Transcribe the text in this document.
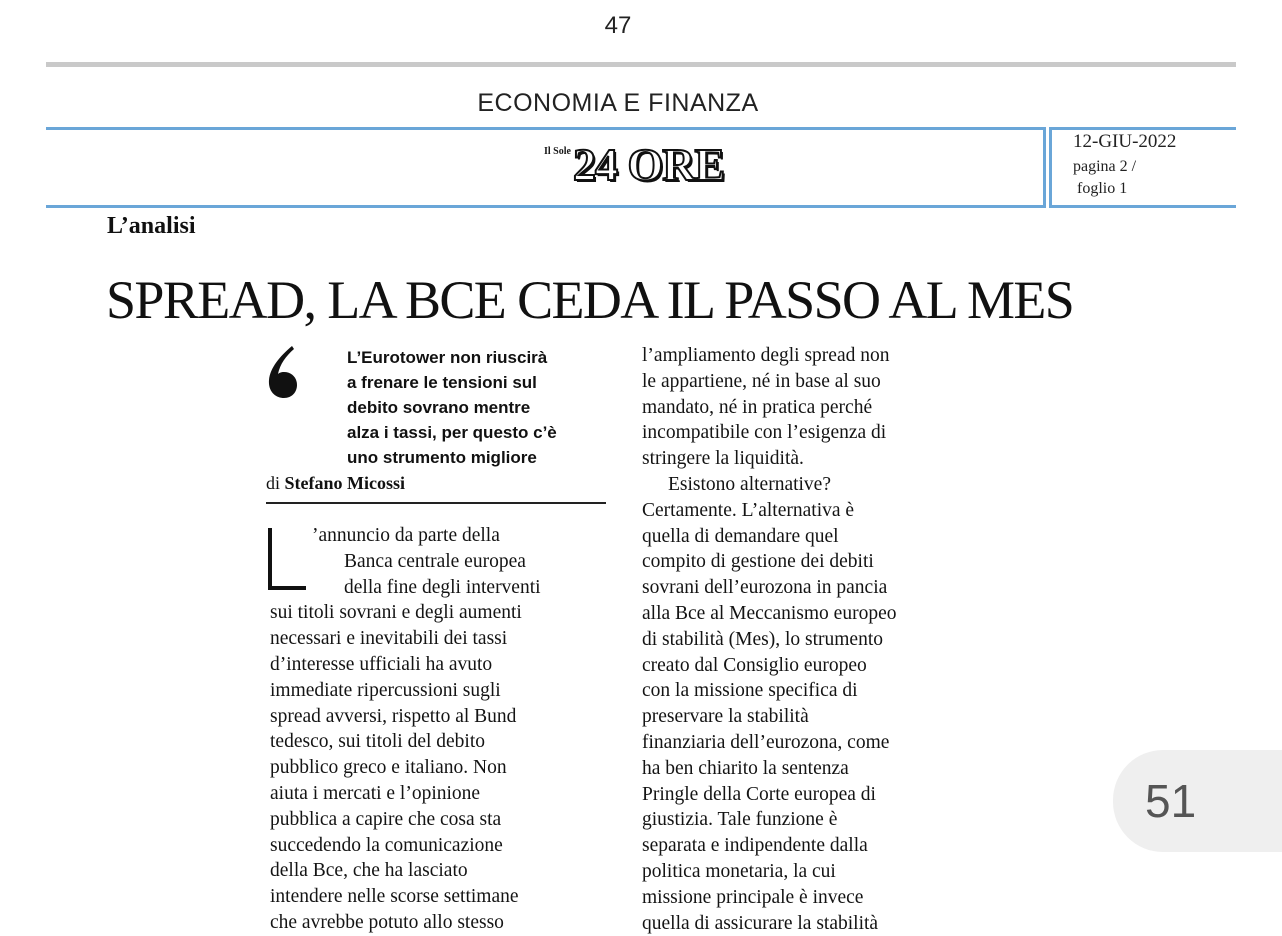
47
ECONOMIA E FINANZA
Il Sole 24 ORE	12-GIU-2022
pagina 2 /
foglio 1
L’analisi
SPREAD, LA BCE CEDA IL PASSO AL MES
L’Eurotower non riuscirà
a frenare le tensioni sul
debito sovrano mentre
alza i tassi, per questo c’è
uno strumento migliore
di Stefano Micossi
L
’annuncio da parte della
Banca centrale europea
della fine degli interventi
sui titoli sovrani e degli aumenti
necessari e inevitabili dei tassi
d’interesse ufficiali ha avuto
immediate ripercussioni sugli
spread avversi, rispetto al Bund
tedesco, sui titoli del debito
pubblico greco e italiano. Non
aiuta i mercati e l’opinione
pubblica a capire che cosa sta
succedendo la comunicazione
della Bce, che ha lasciato
intendere nelle scorse settimane
che avrebbe potuto allo stesso
l’ampliamento degli spread non
le appartiene, né in base al suo
mandato, né in pratica perché
incompatibile con l’esigenza di
stringere la liquidità.
Esistono alternative?
Certamente. L’alternativa è
quella di demandare quel
compito di gestione dei debiti
sovrani dell’eurozona in pancia
alla Bce al Meccanismo europeo
di stabilità (Mes), lo strumento
creato dal Consiglio europeo
con la missione specifica di
preservare la stabilità
finanziaria dell’eurozona, come
ha ben chiarito la sentenza
Pringle della Corte europea di
giustizia. Tale funzione è
separata e indipendente dalla
politica monetaria, la cui
missione principale è invece
quella di assicurare la stabilità
51
